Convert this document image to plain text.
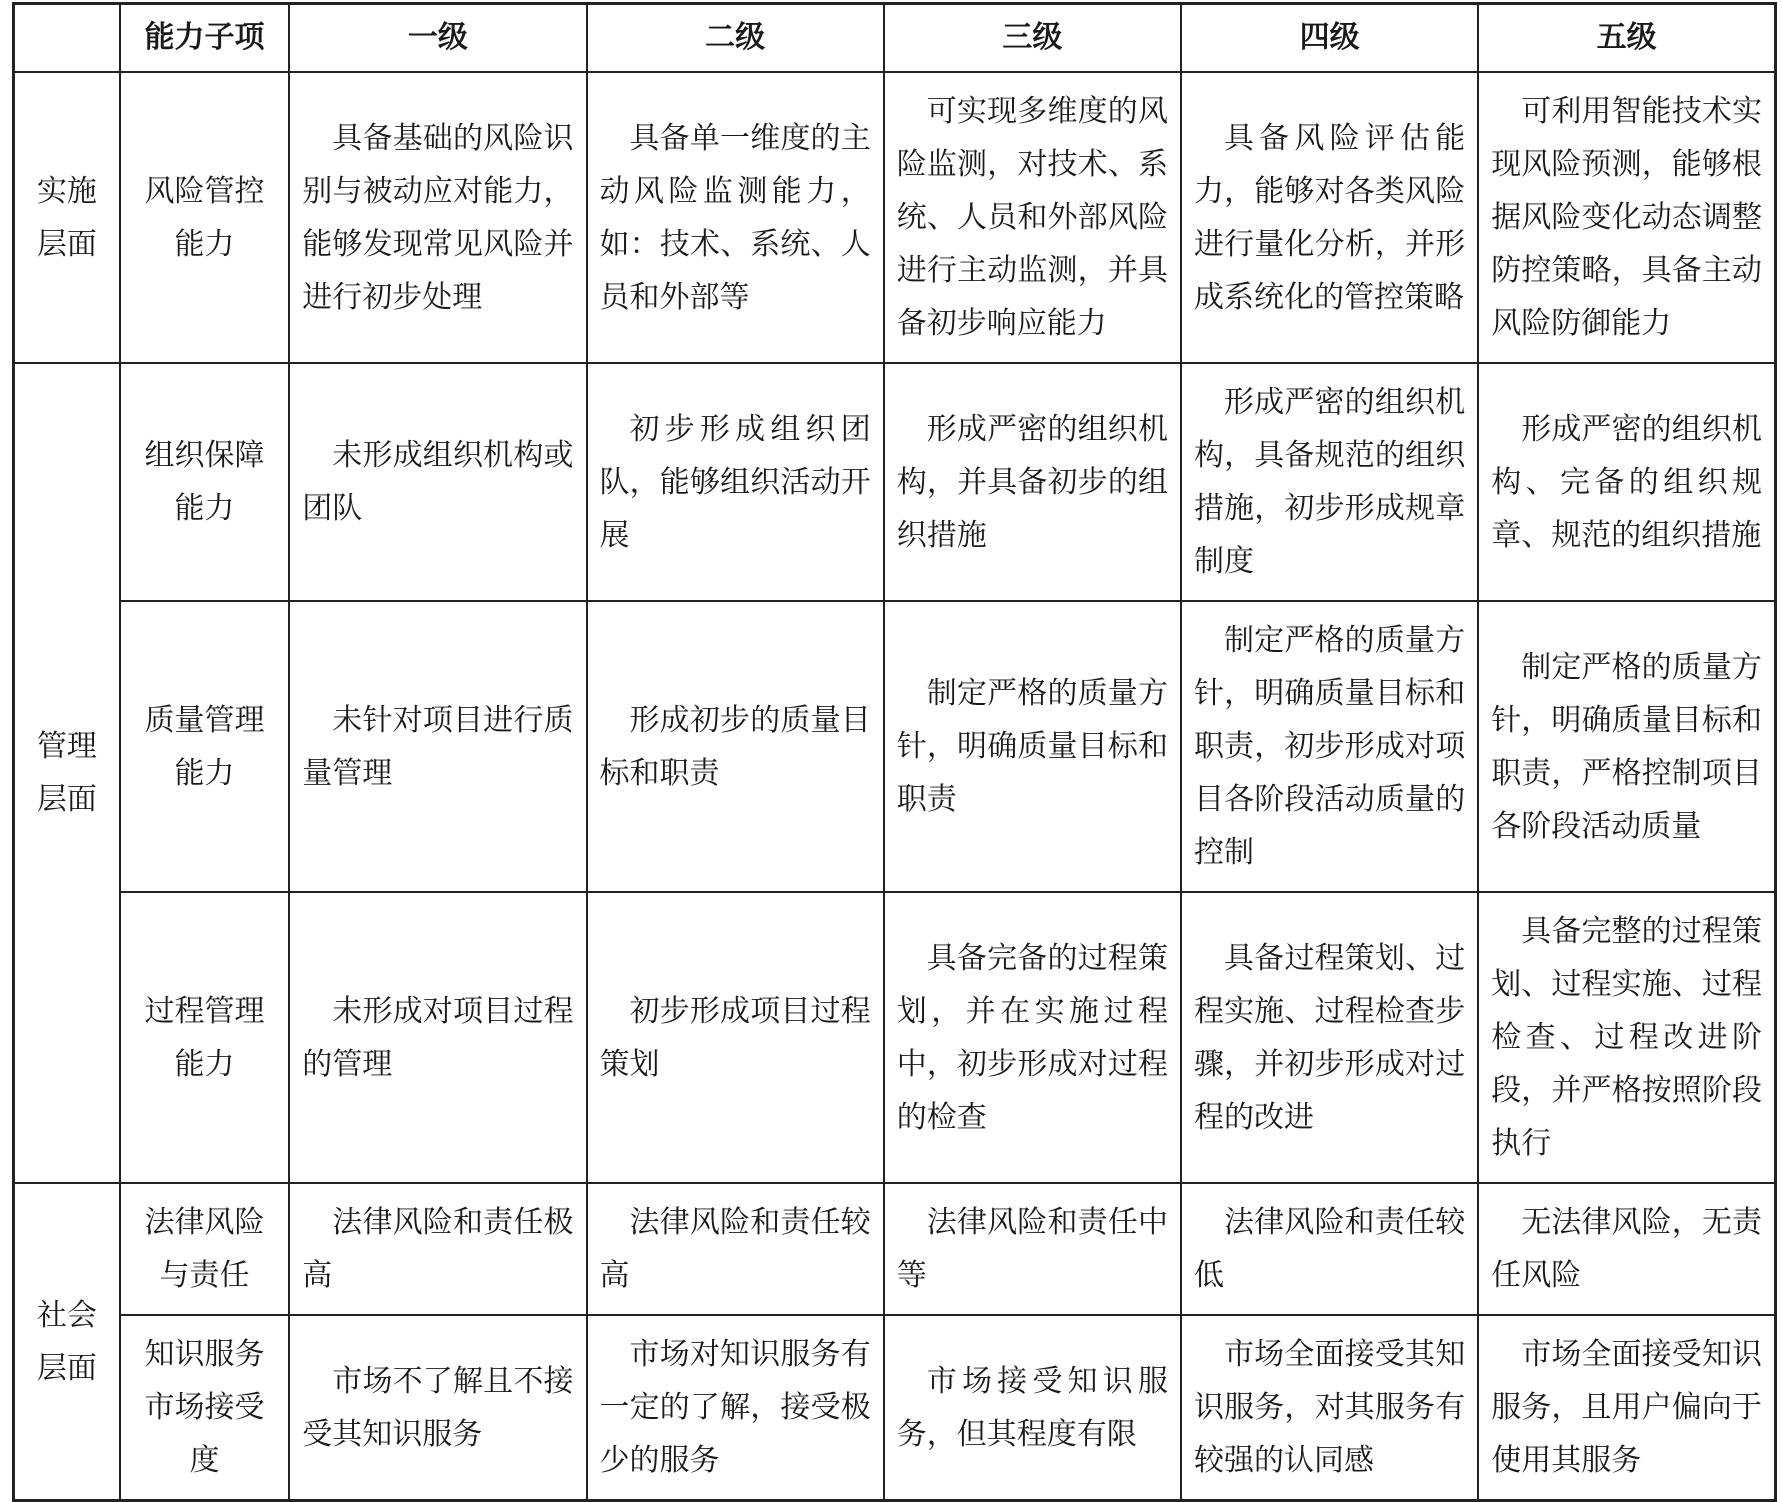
	能力子项	一级	二级	三级	四级	五级
实施层面	风险管控能力	具备基础的风险识别与被动应对能力，能够发现常见风险并进行初步处理	具备单一维度的主动风险监测能力，如：技术、系统、人员和外部等	可实现多维度的风险监测，对技术、系统、人员和外部风险进行主动监测，并具备初步响应能力	具备风险评估能力，能够对各类风险进行量化分析，并形成系统化的管控策略	可利用智能技术实现风险预测，能够根据风险变化动态调整防控策略，具备主动风险防御能力
管理层面	组织保障能力	未形成组织机构或团队	初步形成组织团队，能够组织活动开展	形成严密的组织机构，并具备初步的组织措施	形成严密的组织机构，具备规范的组织措施，初步形成规章制度	形成严密的组织机构、完备的组织规章、规范的组织措施
	质量管理能力	未针对项目进行质量管理	形成初步的质量目标和职责	制定严格的质量方针，明确质量目标和职责	制定严格的质量方针，明确质量目标和职责，初步形成对项目各阶段活动质量的控制	制定严格的质量方针，明确质量目标和职责，严格控制项目各阶段活动质量
	过程管理能力	未形成对项目过程的管理	初步形成项目过程策划	具备完备的过程策划，并在实施过程中，初步形成对过程的检查	具备过程策划、过程实施、过程检查步骤，并初步形成对过程的改进	具备完整的过程策划、过程实施、过程检查、过程改进阶段，并严格按照阶段执行
社会层面	法律风险与责任	法律风险和责任极高	法律风险和责任较高	法律风险和责任中等	法律风险和责任较低	无法律风险，无责任风险
	知识服务市场接受度	市场不了解且不接受其知识服务	市场对知识服务有一定的了解，接受极少的服务	市场接受知识服务，但其程度有限	市场全面接受其知识服务，对其服务有较强的认同感	市场全面接受知识服务，且用户偏向于使用其服务
